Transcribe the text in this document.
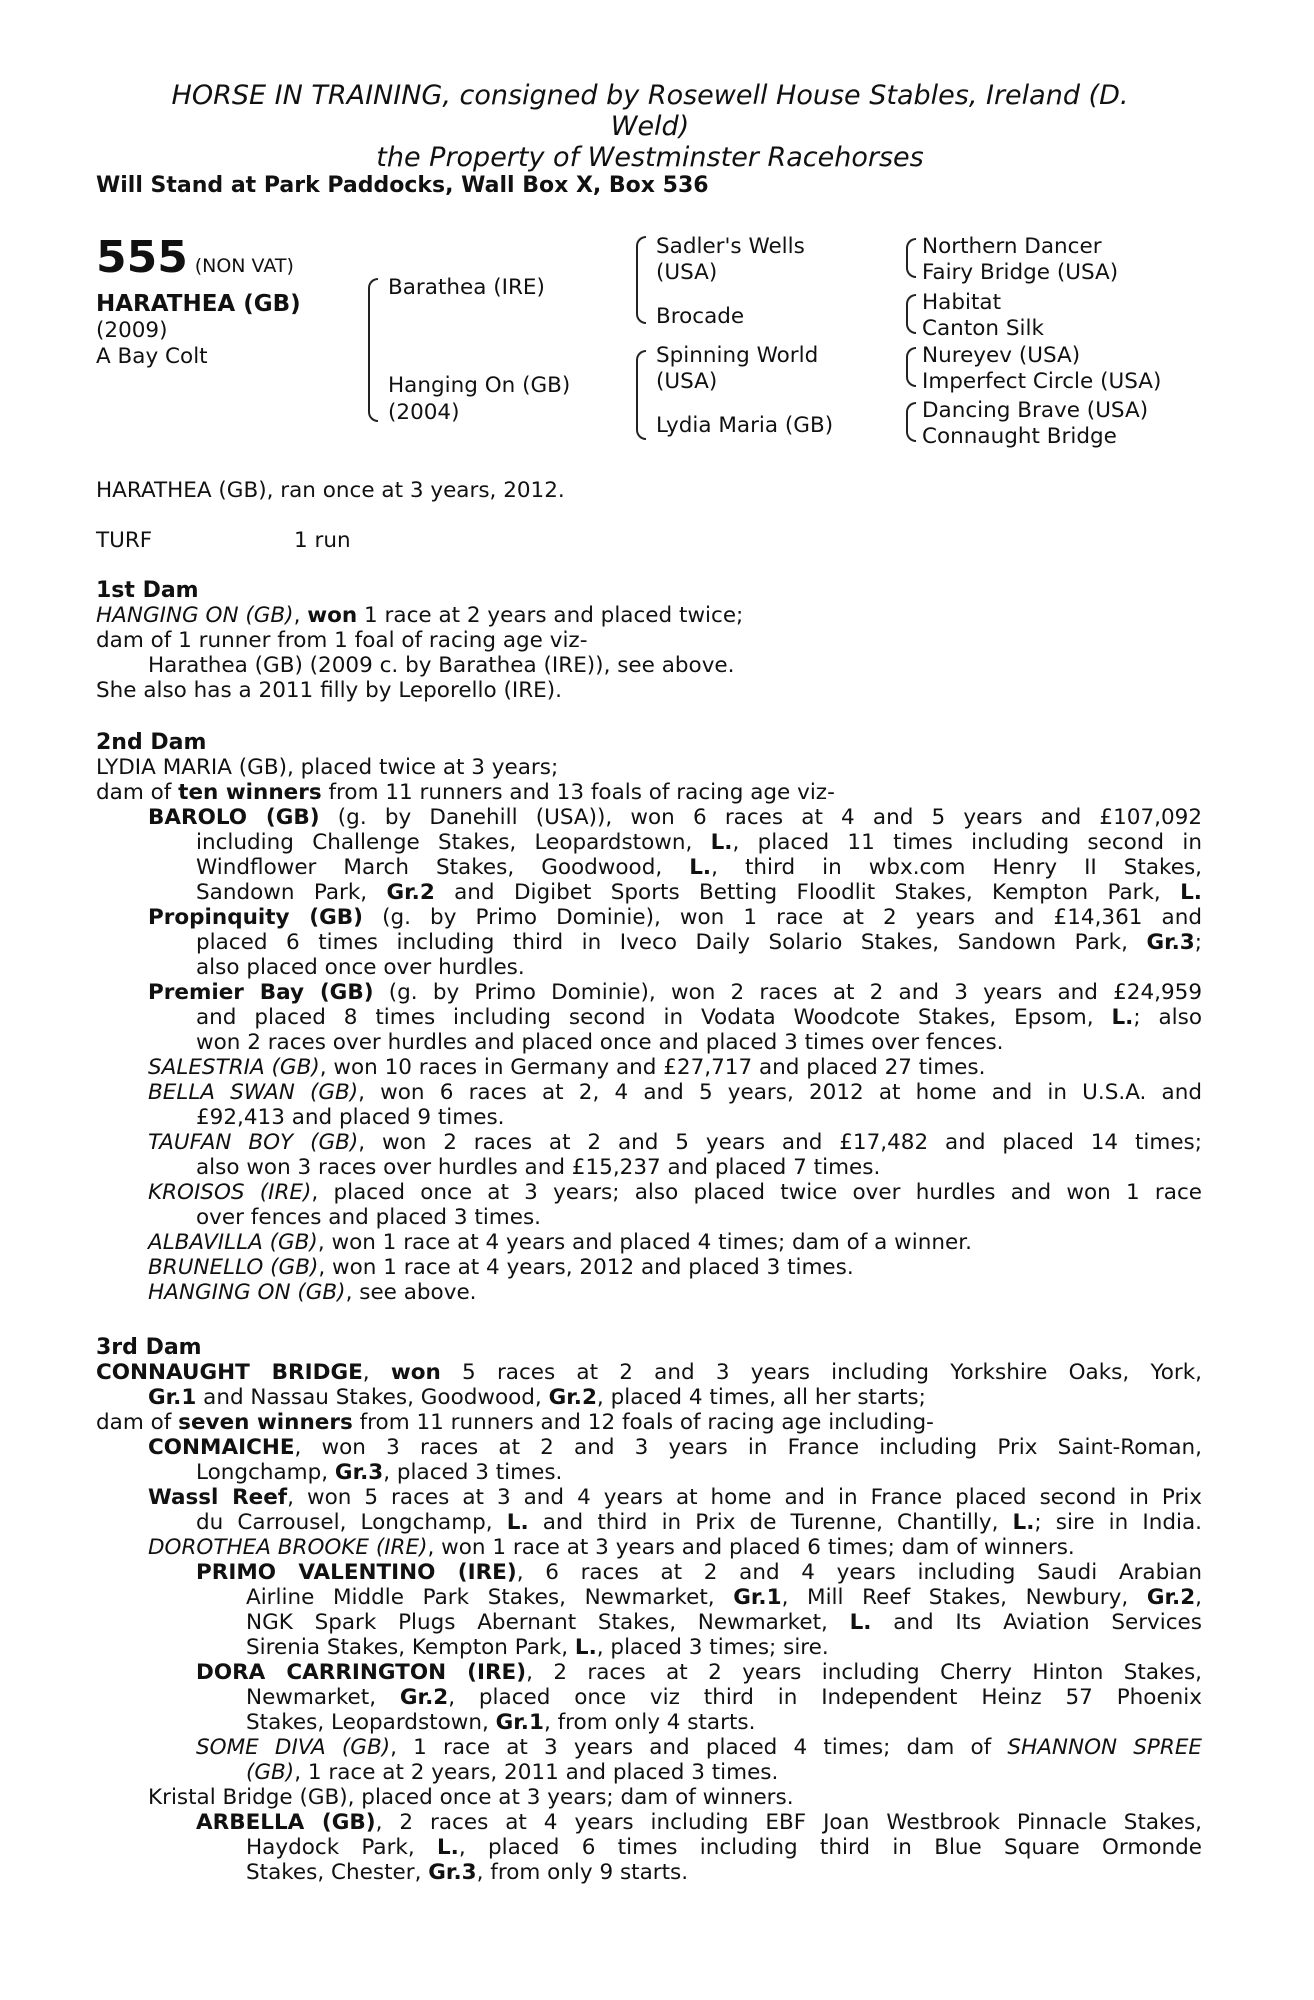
HORSE IN TRAINING, consigned by Rosewell House Stables, Ireland (D.
Weld)
the Property of Westminster Racehorses
Will Stand at Park Paddocks, Wall Box X, Box 536
555 (NON VAT)
HARATHEA (GB)
(2009)
A Bay Colt
Barathea (IRE)
Hanging On (GB)
(2004)
Sadler's Wells
(USA)
Brocade
Spinning World
(USA)
Lydia Maria (GB)
Northern Dancer
Fairy Bridge (USA)
Habitat
Canton Silk
Nureyev (USA)
Imperfect Circle (USA)
Dancing Brave (USA)
Connaught Bridge
HARATHEA (GB), ran once at 3 years, 2012.
TURF	1 run
1st Dam
HANGING ON (GB), won 1 race at 2 years and placed twice;
dam of 1 runner from 1 foal of racing age viz-
Harathea (GB) (2009 c. by Barathea (IRE)), see above.
She also has a 2011 filly by Leporello (IRE).
2nd Dam
LYDIA MARIA (GB), placed twice at 3 years;
dam of ten winners from 11 runners and 13 foals of racing age viz-
BAROLO (GB) (g. by Danehill (USA)), won 6 races at 4 and 5 years and £107,092
including Challenge Stakes, Leopardstown, L., placed 11 times including second in
Windflower March Stakes, Goodwood, L., third in wbx.com Henry II Stakes,
Sandown Park, Gr.2 and Digibet Sports Betting Floodlit Stakes, Kempton Park, L.
Propinquity (GB) (g. by Primo Dominie), won 1 race at 2 years and £14,361 and
placed 6 times including third in Iveco Daily Solario Stakes, Sandown Park, Gr.3;
also placed once over hurdles.
Premier Bay (GB) (g. by Primo Dominie), won 2 races at 2 and 3 years and £24,959
and placed 8 times including second in Vodata Woodcote Stakes, Epsom, L.; also
won 2 races over hurdles and placed once and placed 3 times over fences.
SALESTRIA (GB), won 10 races in Germany and £27,717 and placed 27 times.
BELLA SWAN (GB), won 6 races at 2, 4 and 5 years, 2012 at home and in U.S.A. and
£92,413 and placed 9 times.
TAUFAN BOY (GB), won 2 races at 2 and 5 years and £17,482 and placed 14 times;
also won 3 races over hurdles and £15,237 and placed 7 times.
KROISOS (IRE), placed once at 3 years; also placed twice over hurdles and won 1 race
over fences and placed 3 times.
ALBAVILLA (GB), won 1 race at 4 years and placed 4 times; dam of a winner.
BRUNELLO (GB), won 1 race at 4 years, 2012 and placed 3 times.
HANGING ON (GB), see above.
3rd Dam
CONNAUGHT BRIDGE, won 5 races at 2 and 3 years including Yorkshire Oaks, York,
Gr.1 and Nassau Stakes, Goodwood, Gr.2, placed 4 times, all her starts;
dam of seven winners from 11 runners and 12 foals of racing age including-
CONMAICHE, won 3 races at 2 and 3 years in France including Prix Saint-Roman,
Longchamp, Gr.3, placed 3 times.
Wassl Reef, won 5 races at 3 and 4 years at home and in France placed second in Prix
du Carrousel, Longchamp, L. and third in Prix de Turenne, Chantilly, L.; sire in India.
DOROTHEA BROOKE (IRE), won 1 race at 3 years and placed 6 times; dam of winners.
PRIMO VALENTINO (IRE), 6 races at 2 and 4 years including Saudi Arabian
Airline Middle Park Stakes, Newmarket, Gr.1, Mill Reef Stakes, Newbury, Gr.2,
NGK Spark Plugs Abernant Stakes, Newmarket, L. and Its Aviation Services
Sirenia Stakes, Kempton Park, L., placed 3 times; sire.
DORA CARRINGTON (IRE), 2 races at 2 years including Cherry Hinton Stakes,
Newmarket, Gr.2, placed once viz third in Independent Heinz 57 Phoenix
Stakes, Leopardstown, Gr.1, from only 4 starts.
SOME DIVA (GB), 1 race at 3 years and placed 4 times; dam of SHANNON SPREE
(GB), 1 race at 2 years, 2011 and placed 3 times.
Kristal Bridge (GB), placed once at 3 years; dam of winners.
ARBELLA (GB), 2 races at 4 years including EBF Joan Westbrook Pinnacle Stakes,
Haydock Park, L., placed 6 times including third in Blue Square Ormonde
Stakes, Chester, Gr.3, from only 9 starts.
